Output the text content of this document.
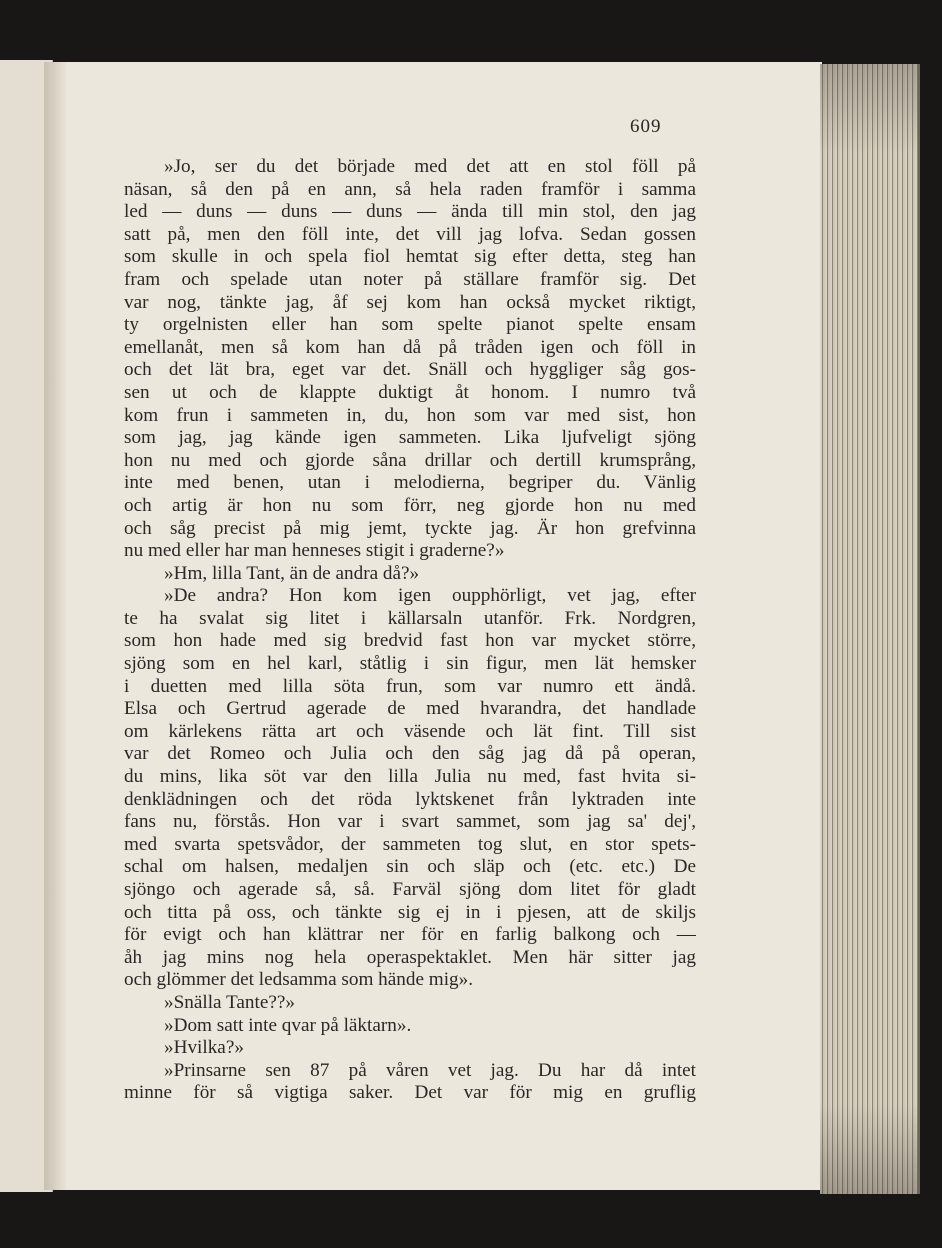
609
»Jo, ser du det började med det att en stol föll på
näsan, så den på en ann, så hela raden framför i samma
led — duns — duns — duns — ända till min stol, den jag
satt på, men den föll inte, det vill jag lofva. Sedan gossen
som skulle in och spela fiol hemtat sig efter detta, steg han
fram och spelade utan noter på ställare framför sig. Det
var nog, tänkte jag, åf sej kom han också mycket riktigt,
ty orgelnisten eller han som spelte pianot spelte ensam
emellanåt, men så kom han då på tråden igen och föll in
och det lät bra, eget var det. Snäll och hyggliger såg gos-
sen ut och de klappte duktigt åt honom. I numro två
kom frun i sammeten in, du, hon som var med sist, hon
som jag, jag kände igen sammeten. Lika ljufveligt sjöng
hon nu med och gjorde såna drillar och dertill krumsprång,
inte med benen, utan i melodierna, begriper du. Vänlig
och artig är hon nu som förr, neg gjorde hon nu med
och såg precist på mig jemt, tyckte jag. Är hon grefvinna
nu med eller har man henneses stigit i graderne?»
»Hm, lilla Tant, än de andra då?»
»De andra? Hon kom igen oupphörligt, vet jag, efter
te ha svalat sig litet i källarsaln utanför. Frk. Nordgren,
som hon hade med sig bredvid fast hon var mycket större,
sjöng som en hel karl, ståtlig i sin figur, men lät hemsker
i duetten med lilla söta frun, som var numro ett ändå.
Elsa och Gertrud agerade de med hvarandra, det handlade
om kärlekens rätta art och väsende och lät fint. Till sist
var det Romeo och Julia och den såg jag då på operan,
du mins, lika söt var den lilla Julia nu med, fast hvita si-
denklädningen och det röda lyktskenet från lyktraden inte
fans nu, förstås. Hon var i svart sammet, som jag sa' dej',
med svarta spetsvådor, der sammeten tog slut, en stor spets-
schal om halsen, medaljen sin och släp och (etc. etc.) De
sjöngo och agerade så, så. Farväl sjöng dom litet för gladt
och titta på oss, och tänkte sig ej in i pjesen, att de skiljs
för evigt och han klättrar ner för en farlig balkong och —
åh jag mins nog hela operaspektaklet. Men här sitter jag
och glömmer det ledsamma som hände mig».
»Snälla Tante??»
»Dom satt inte qvar på läktarn».
»Hvilka?»
»Prinsarne sen 87 på våren vet jag. Du har då intet
minne för så vigtiga saker. Det var för mig en gruflig
